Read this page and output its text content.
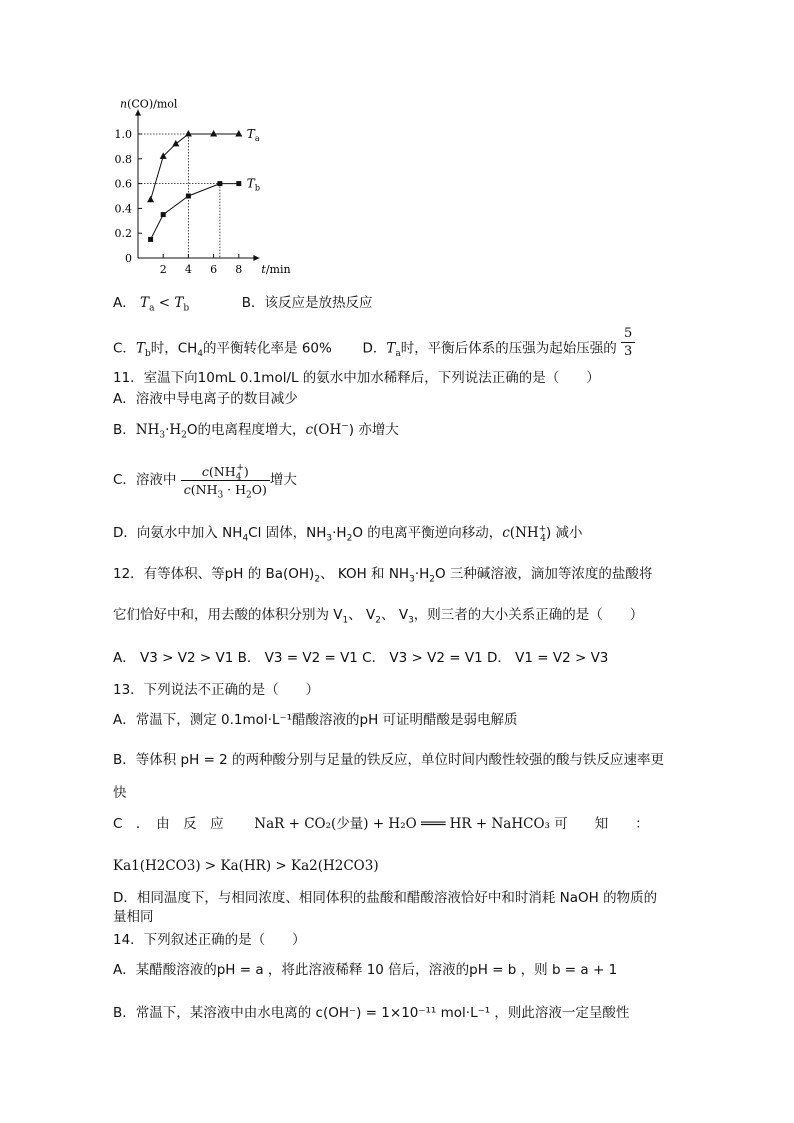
0
0.2
0.4
0.6
0.8
1.0
2 4 6 8
n(CO)/mol
t/min
$T_a$
$T_b$
A． $T_a < T_b$	B．该反应是放热反应
C．$T_b$时，$CH_4$的平衡转化率是 60% D．$T_a$时，平衡后体系的压强为起始压强的 $\frac{5}{3}$
11．室温下向10mL 0.1mol/L 的氨水中加水稀释后，下列说法正确的是（　　）
A．溶液中导电离子的数目减少
B．$NH_3\cdot H_2O$的电离程度增大，c(OH−) 亦增大
C．溶液中 $\frac{c(NH_4^+)}{c(NH_3 \cdot H_2O)}$ 增大
D．向氨水中加入 $NH_4Cl$ 固体，$NH_3\cdot H_2O$ 的电离平衡逆向移动，$c(NH^+_4)$ 减小
12．有等体积、等pH 的 $Ba(OH)_2$、 KOH 和 $NH_3\cdot H_2O$ 三种碱溶液，滴加等浓度的盐酸将
它们恰好中和，用去酸的体积分别为 $V_1$、 $V_2$、 $V_3$，则三者的大小关系正确的是（　　）
A． V3 > V2 > V1 B． V3 = V2 = V1 C． V3 > V2 = V1 D． V1 = V2 > V3
13．下列说法不正确的是（　　）
A．常温下，测定 0.1mol·L⁻¹醋酸溶液的pH 可证明醋酸是弱电解质
B．等体积 pH = 2 的两种酸分别与足量的铁反应，单位时间内酸性较强的酸与铁反应速率更
快
C　．　由　反　应 NaR + CO₂(少量) + H₂O ═══ HR + NaHCO₃ 可　　知　　：
Ka1(H2CO3) > Ka(HR) > Ka2(H2CO3)
D．相同温度下，与相同浓度、相同体积的盐酸和醋酸溶液恰好中和时消耗 NaOH 的物质的
量相同
14．下列叙述正确的是（　　）
A．某醋酸溶液的pH = a ，将此溶液稀释 10 倍后，溶液的pH = b ，则 b = a + 1
B．常温下，某溶液中由水电离的 c(OH⁻) = 1×10⁻¹¹ mol·L⁻¹ ，则此溶液一定呈酸性
